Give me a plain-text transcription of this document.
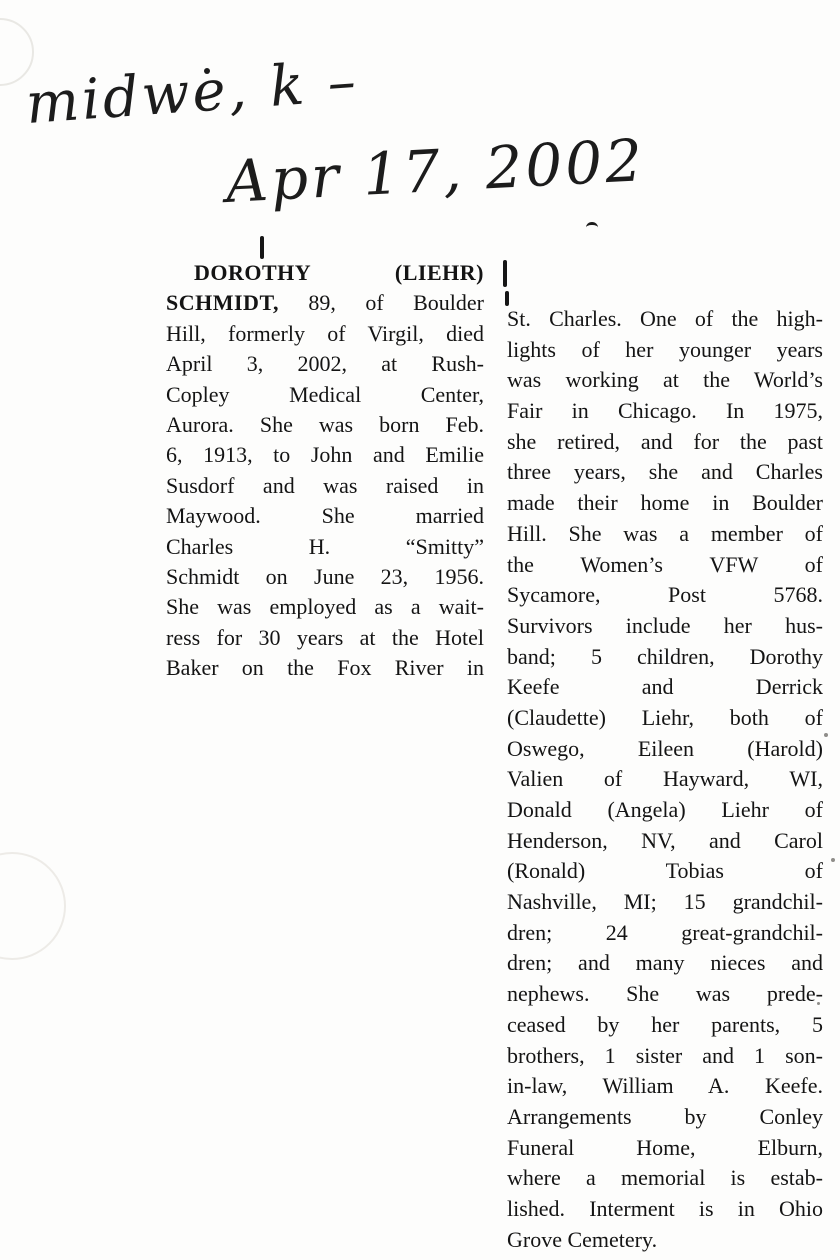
midwe, k –
Apr 17, 2002
DOROTHY (LIEHR)
SCHMIDT, 89, of Boulder
Hill, formerly of Virgil, died
April 3, 2002, at Rush-
Copley Medical Center,
Aurora. She was born Feb.
6, 1913, to John and Emilie
Susdorf and was raised in
Maywood. She married
Charles H. “Smitty”
Schmidt on June 23, 1956.
She was employed as a wait-
ress for 30 years at the Hotel
Baker on the Fox River in
St. Charles. One of the high-
lights of her younger years
was working at the World’s
Fair in Chicago. In 1975,
she retired, and for the past
three years, she and Charles
made their home in Boulder
Hill. She was a member of
the Women’s VFW of
Sycamore, Post 5768.
Survivors include her hus-
band; 5 children, Dorothy
Keefe and Derrick
(Claudette) Liehr, both of
Oswego, Eileen (Harold)
Valien of Hayward, WI,
Donald (Angela) Liehr of
Henderson, NV, and Carol
(Ronald) Tobias of
Nashville, MI; 15 grandchil-
dren; 24 great-grandchil-
dren; and many nieces and
nephews. She was prede-
ceased by her parents, 5
brothers, 1 sister and 1 son-
in-law, William A. Keefe.
Arrangements by Conley
Funeral Home, Elburn,
where a memorial is estab-
lished. Interment is in Ohio
Grove Cemetery.
